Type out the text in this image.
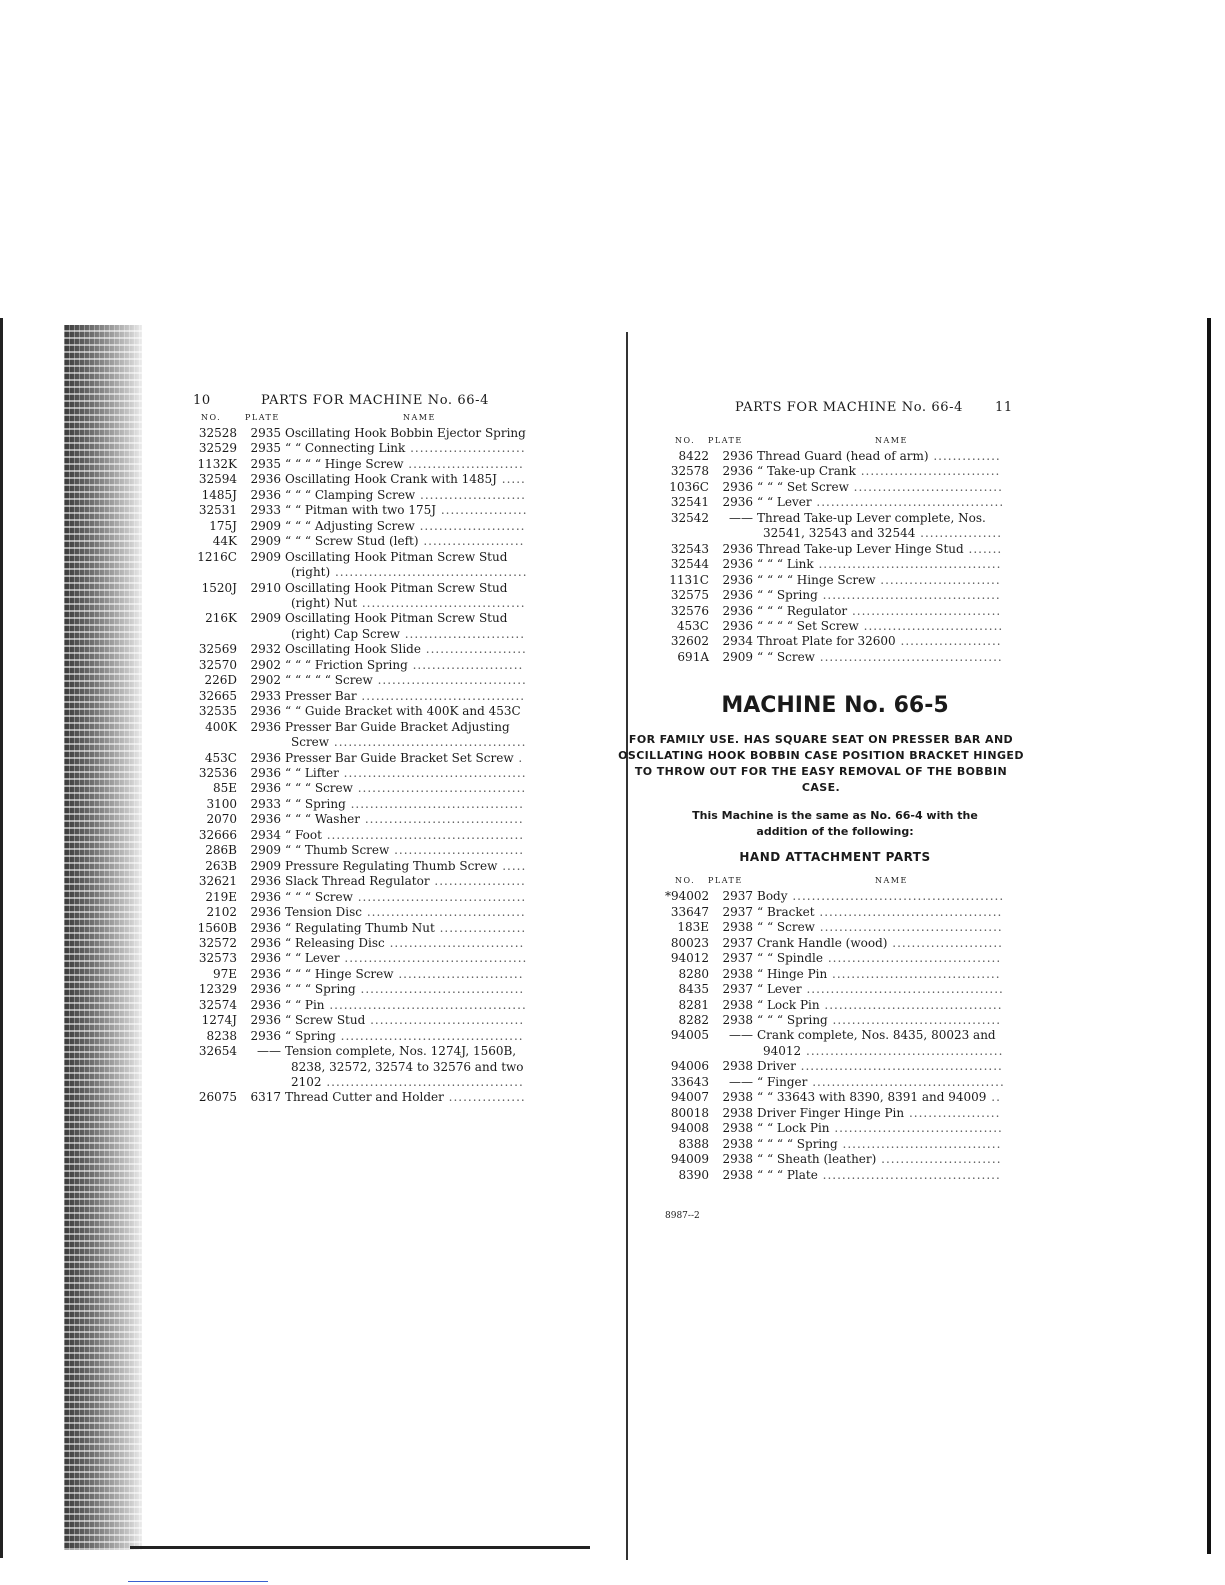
10	PARTS FOR MACHINE No. 66-4
NO.	PLATE	NAME
32528	2935 Oscillating Hook Bobbin Ejector Spring
32529	2935 “ “ Connecting Link ........................
1132K	2935 “ “ “ “ Hinge Screw ........................
32594	2936 Oscillating Hook Crank with 1485J .....
1485J	2936 “ “ “ Clamping Screw ......................
32531	2933 “ “ Pitman with two 175J ..................
175J	2909 “ “ “ Adjusting Screw ......................
44K	2909 “ “ “ Screw Stud (left) .....................
1216C	2909 Oscillating Hook Pitman Screw Stud (right) ........................................
1520J	2910 Oscillating Hook Pitman Screw Stud (right) Nut ..................................
216K	2909 Oscillating Hook Pitman Screw Stud (right) Cap Screw .........................
32569	2932 Oscillating Hook Slide .....................
32570	2902 “ “ “ Friction Spring .......................
226D	2902 “ “ “ “ “ Screw ...............................
32665	2933 Presser Bar ..................................
32535	2936 “ “ Guide Bracket with 400K and 453C
400K	2936 Presser Bar Guide Bracket Adjusting Screw ........................................
453C	2936 Presser Bar Guide Bracket Set Screw .
32536	2936 “ “ Lifter ......................................
85E	2936 “ “ “ Screw ...................................
3100	2933 “ “ Spring ....................................
2070	2936 “ “ “ Washer .................................
32666	2934 “ Foot .........................................
286B	2909 “ “ Thumb Screw ...........................
263B	2909 Pressure Regulating Thumb Screw .....
32621	2936 Slack Thread Regulator ...................
219E	2936 “ “ “ Screw ...................................
2102	2936 Tension Disc .................................
1560B	2936 “ Regulating Thumb Nut ..................
32572	2936 “ Releasing Disc ............................
32573	2936 “ “ Lever ......................................
97E	2936 “ “ “ Hinge Screw ..........................
12329	2936 “ “ “ Spring ..................................
32574	2936 “ “ Pin .........................................
1274J	2936 “ Screw Stud ................................
8238	2936 “ Spring ......................................
32654	—— Tension complete, Nos. 1274J, 1560B, 8238, 32572, 32574 to 32576 and two 2102 .........................................
26075	6317 Thread Cutter and Holder ................
PARTS FOR MACHINE No. 66-4 11
NO. PLATE	NAME
8422	2936 Thread Guard (head of arm) ..............
32578	2936 “ Take-up Crank .............................
1036C	2936 “ “ “ Set Screw ...............................
32541	2936 “ “ Lever .......................................
32542	—— Thread Take-up Lever complete, Nos. 32541, 32543 and 32544 .................
32543	2936 Thread Take-up Lever Hinge Stud .......
32544	2936 “ “ “ Link ......................................
1131C	2936 “ “ “ “ Hinge Screw .........................
32575	2936 “ “ Spring .....................................
32576	2936 “ “ “ Regulator ...............................
453C	2936 “ “ “ “ Set Screw .............................
32602	2934 Throat Plate for 32600 .....................
691A	2909 “ “ Screw ......................................
MACHINE No. 66-5
FOR FAMILY USE. HAS SQUARE SEAT ON PRESSER BAR AND OSCILLATING HOOK BOBBIN CASE POSITION BRACKET HINGED TO THROW OUT FOR THE EASY REMOVAL OF THE BOBBIN CASE.
This Machine is the same as No. 66-4 with the addition of the following:
HAND ATTACHMENT PARTS
NO. PLATE	NAME
*94002	2937 Body ............................................
33647	2937 “ Bracket ......................................
183E	2938 “ “ Screw ......................................
80023	2937 Crank Handle (wood) .......................
94012	2937 “ “ Spindle ....................................
8280	2938 “ Hinge Pin ...................................
8435	2937 “ Lever .........................................
8281	2938 “ Lock Pin .....................................
8282	2938 “ “ “ Spring ...................................
94005	—— Crank complete, Nos. 8435, 80023 and 94012 .........................................
94006	2938 Driver ..........................................
33643	—— “ Finger ........................................
94007	2938 “ “ 33643 with 8390, 8391 and 94009 ..
80018	2938 Driver Finger Hinge Pin ...................
94008	2938 “ “ Lock Pin ...................................
8388	2938 “ “ “ “ Spring .................................
94009	2938 “ “ Sheath (leather) .........................
8390	2938 “ “ “ Plate .....................................
8987--2
